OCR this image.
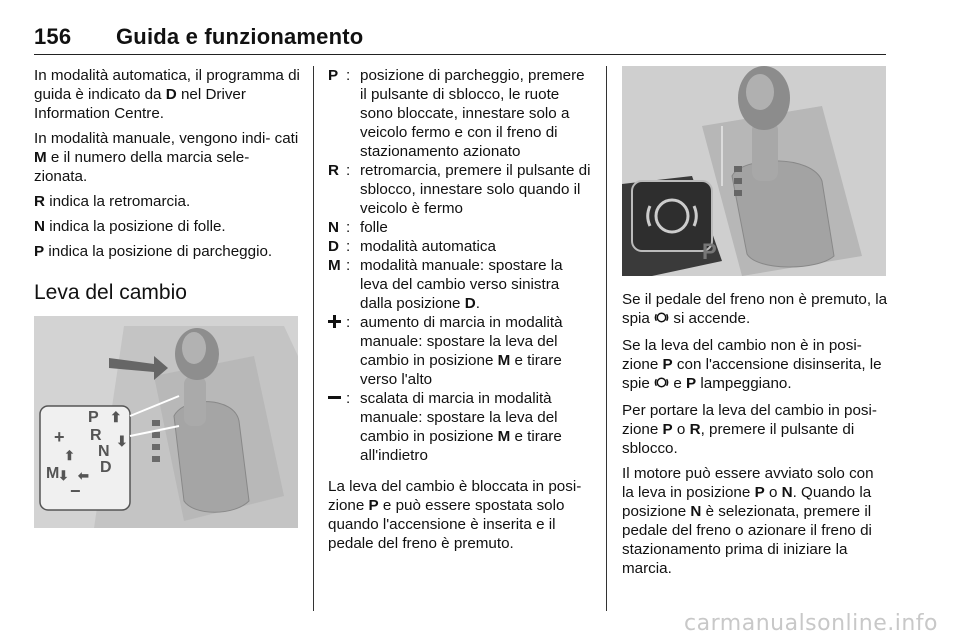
156 Guida e funzionamento

In modalità automatica, il programma di guida è indicato da D nel Driver Information Centre.

In modalità manuale, vengono indi- cati M e il numero della marcia sele- zionata.

R indica la retromarcia.

N indica la posizione di folle.

P indica la posizione di parcheggio.

Leva del cambio
P
R
N
D
+
M
−
⬆
⬇
⬆
⬅
⬇
P : posizione di parcheggio, premere il pulsante di sblocco, le ruote sono bloccate, innestare solo a veicolo fermo e con il freno di stazionamento azionato
R : retromarcia, premere il pulsante di sblocco, innestare solo quando il veicolo è fermo
N : folle
D : modalità automatica
M : modalità manuale: spostare la leva del cambio verso sinistra dalla posizione D.
: aumento di marcia in modalità manuale: spostare la leva del cambio in posizione M e tirare verso l'alto
: scalata di marcia in modalità manuale: spostare la leva del cambio in posizione M e tirare all'indietro

La leva del cambio è bloccata in posi- zione P e può essere spostata solo quando l'accensione è inserita e il pedale del freno è premuto.

P

Se il pedale del freno non è premuto, la spia si accende.

Se la leva del cambio non è in posi- zione P con l'accensione disinserita, le spie e P lampeggiano.

Per portare la leva del cambio in posi- zione P o R, premere il pulsante di sblocco.

Il motore può essere avviato solo con la leva in posizione P o N. Quando la posizione N è selezionata, premere il pedale del freno o azionare il freno di stazionamento prima di iniziare la marcia.

carmanualsonline.info
